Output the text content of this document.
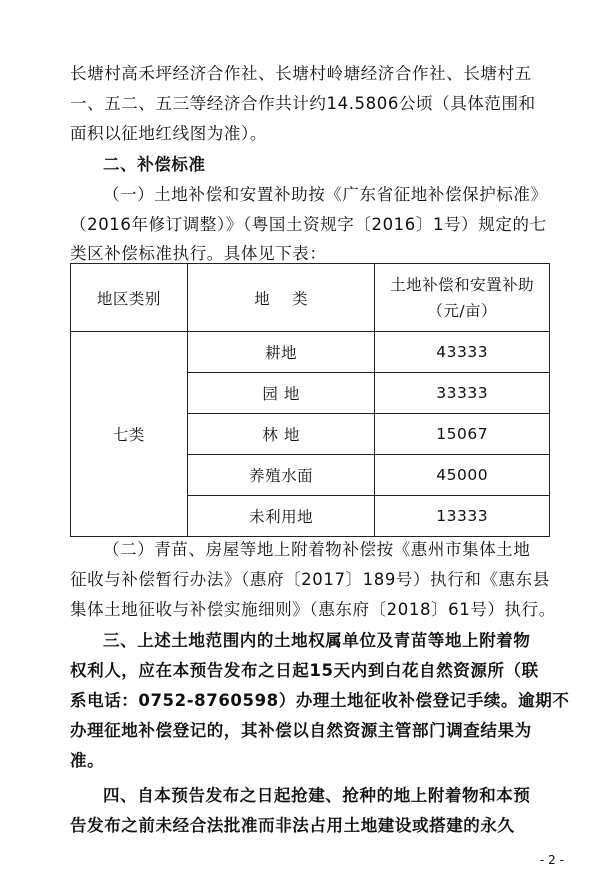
长塘村高禾坪经济合作社、长塘村岭塘经济合作社、长塘村五
一、五二、五三等经济合作共计约14.5806公顷（具体范围和
面积以征地红线图为准）。
二、补偿标准
（一）土地补偿和安置补助按《广东省征地补偿保护标准》
（2016年修订调整）》（粤国土资规字〔2016〕1号）规定的七
类区补偿标准执行。具体见下表：
地区类别	地    类	土地补偿和安置补助
（元/亩）

七类	耕地	43333
	园 地	33333
	林 地	15067
	养殖水面	45000
	未利用地	13333
（二）青苗、房屋等地上附着物补偿按《惠州市集体土地
征收与补偿暂行办法》（惠府〔2017〕189号）执行和《惠东县
集体土地征收与补偿实施细则》（惠东府〔2018〕61号）执行。
三、上述土地范围内的土地权属单位及青苗等地上附着物
权利人，应在本预告发布之日起15天内到白花自然资源所（联
系电话：0752-8760598）办理土地征收补偿登记手续。逾期不
办理征地补偿登记的，其补偿以自然资源主管部门调查结果为
准。
四、自本预告发布之日起抢建、抢种的地上附着物和本预
告发布之前未经合法批准而非法占用土地建设或搭建的永久
- 2 -
